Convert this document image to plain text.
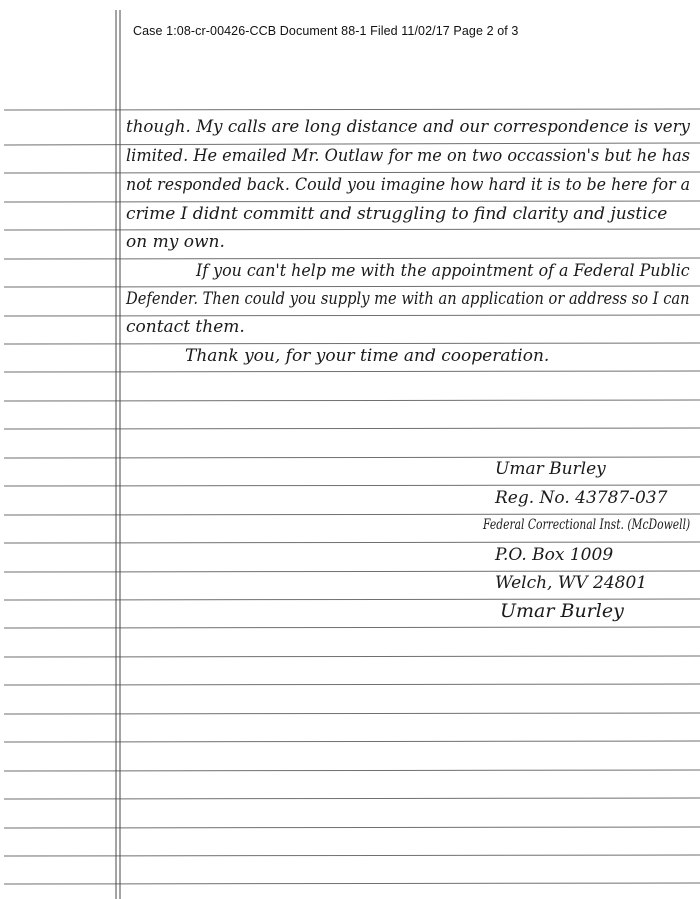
Case 1:08-cr-00426-CCB Document 88-1 Filed 11/02/17 Page 2 of 3
though. My calls are long distance and our correspondence is very
limited. He emailed Mr. Outlaw for me on two occassion's but he has
not responded back. Could you imagine how hard it is to be here for a
crime I didnt committ and struggling to find clarity and justice
on my own.
If you can't help me with the appointment of a Federal Public
Defender. Then could you supply me with an application or address so I can
contact them.
Thank you, for your time and cooperation.
Umar Burley
Reg. No. 43787-037
Federal Correctional Inst. (McDowell)
P.O. Box 1009
Welch, WV 24801
Umar Burley
